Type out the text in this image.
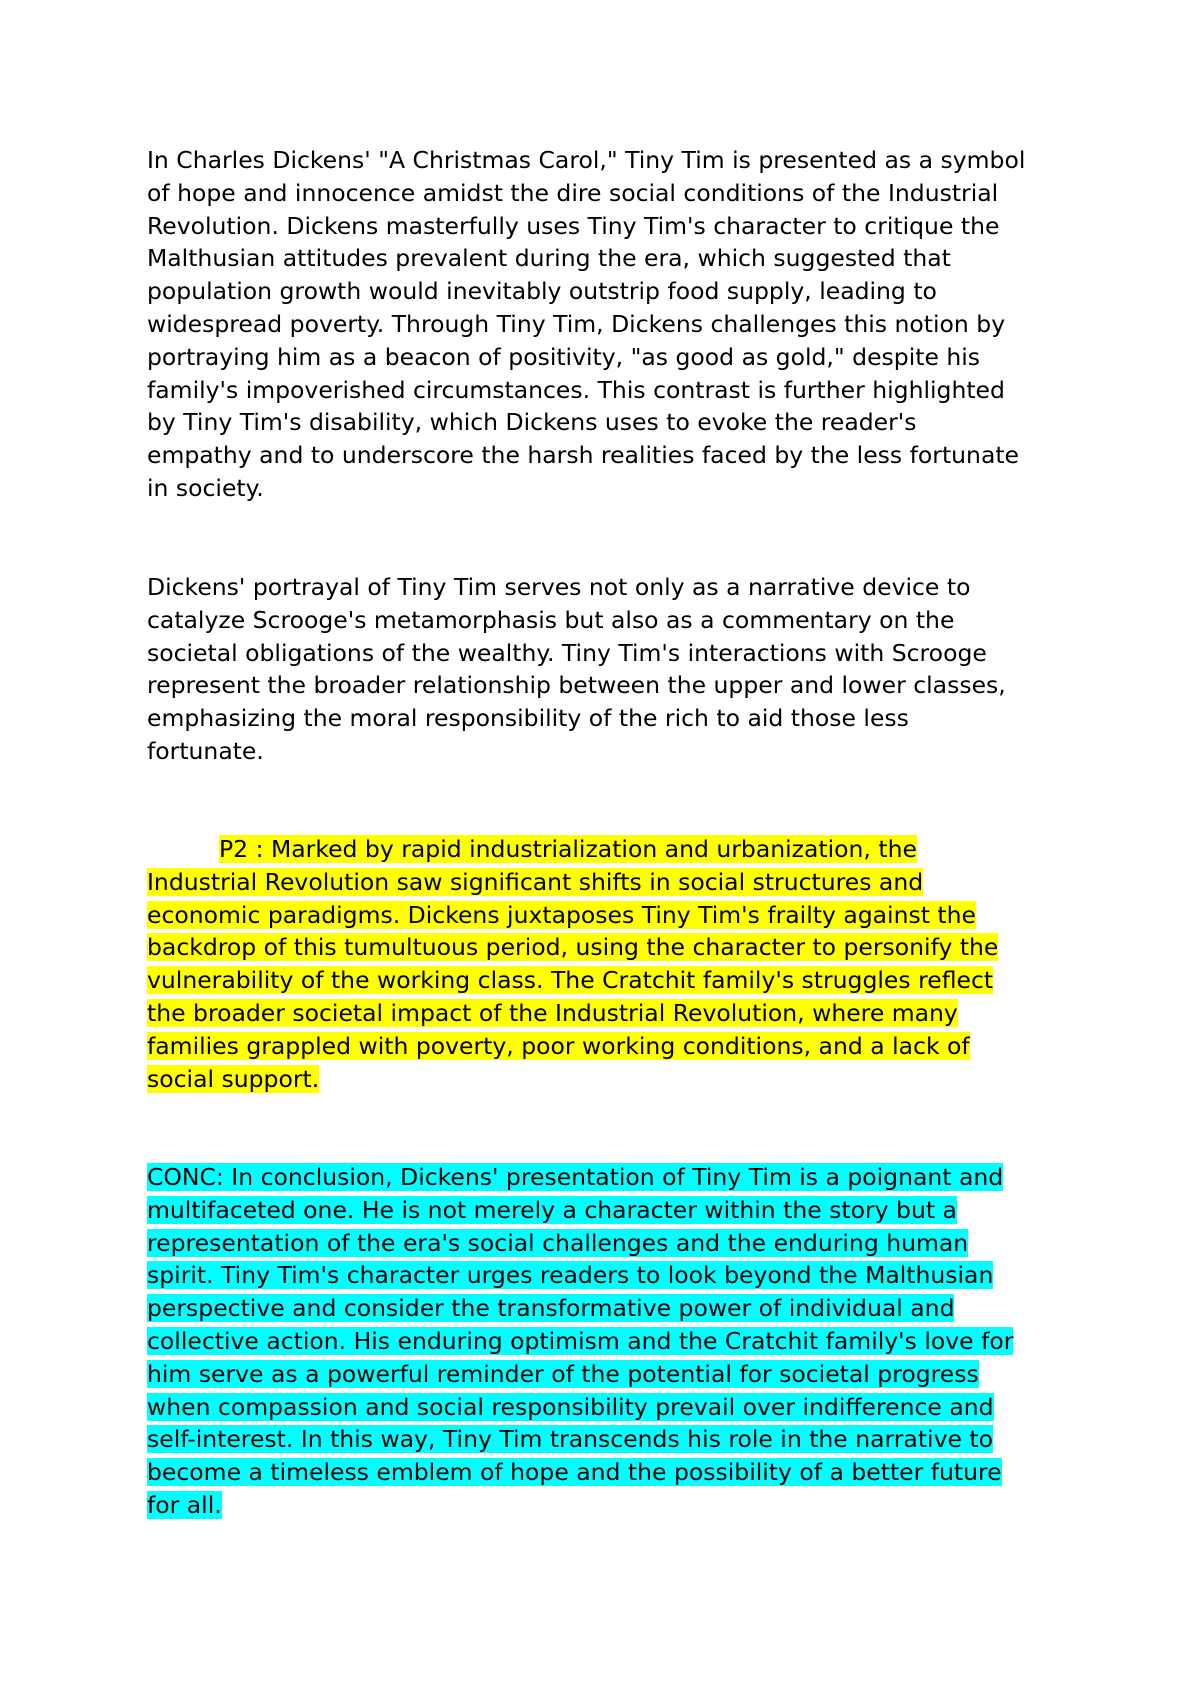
In Charles Dickens' "A Christmas Carol," Tiny Tim is presented as a symbol
of hope and innocence amidst the dire social conditions of the Industrial
Revolution. Dickens masterfully uses Tiny Tim's character to critique the
Malthusian attitudes prevalent during the era, which suggested that
population growth would inevitably outstrip food supply, leading to
widespread poverty. Through Tiny Tim, Dickens challenges this notion by
portraying him as a beacon of positivity, "as good as gold," despite his
family's impoverished circumstances. This contrast is further highlighted
by Tiny Tim's disability, which Dickens uses to evoke the reader's
empathy and to underscore the harsh realities faced by the less fortunate
in society.
Dickens' portrayal of Tiny Tim serves not only as a narrative device to
catalyze Scrooge's metamorphasis but also as a commentary on the
societal obligations of the wealthy. Tiny Tim's interactions with Scrooge
represent the broader relationship between the upper and lower classes,
emphasizing the moral responsibility of the rich to aid those less
fortunate.
P2 : Marked by rapid industrialization and urbanization, the
Industrial Revolution saw significant shifts in social structures and
economic paradigms. Dickens juxtaposes Tiny Tim's frailty against the
backdrop of this tumultuous period, using the character to personify the
vulnerability of the working class. The Cratchit family's struggles reflect
the broader societal impact of the Industrial Revolution, where many
families grappled with poverty, poor working conditions, and a lack of
social support.
CONC: In conclusion, Dickens' presentation of Tiny Tim is a poignant and
multifaceted one. He is not merely a character within the story but a
representation of the era's social challenges and the enduring human
spirit. Tiny Tim's character urges readers to look beyond the Malthusian
perspective and consider the transformative power of individual and
collective action. His enduring optimism and the Cratchit family's love for
him serve as a powerful reminder of the potential for societal progress
when compassion and social responsibility prevail over indifference and
self-interest. In this way, Tiny Tim transcends his role in the narrative to
become a timeless emblem of hope and the possibility of a better future
for all.
